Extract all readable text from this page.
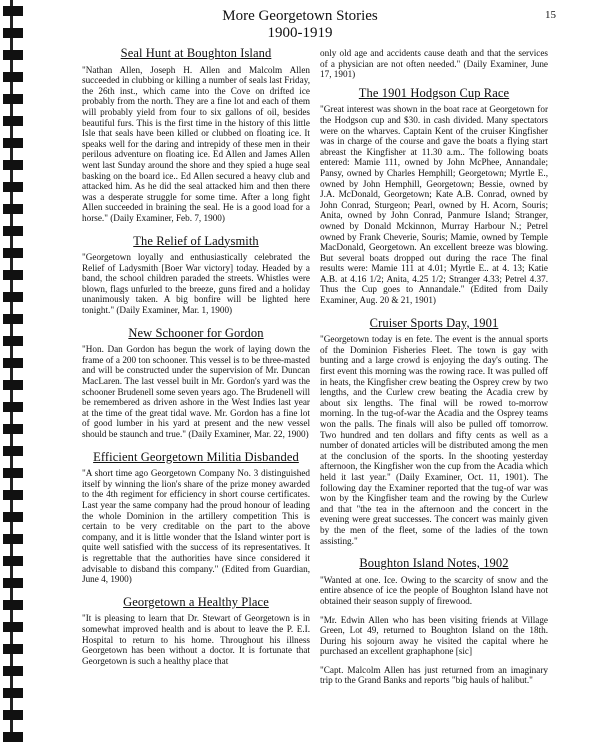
More Georgetown Stories
1900-1919
15
Seal Hunt at Boughton Island

"Nathan Allen, Joseph H. Allen and Malcolm Allen succeeded in clubbing or killing a number of seals last Friday, the 26th inst., which came into the Cove on drifted ice probably from the north. They are a fine lot and each of them will probably yield from four to six gallons of oil, besides beautiful furs. This is the first time in the history of this little Isle that seals have been killed or clubbed on floating ice. It speaks well for the daring and intrepidy of these men in their perilous adventure on floating ice. Ed Allen and James Allen went last Sunday around the shore and they spied a huge seal basking on the board ice.. Ed Allen secured a heavy club and attacked him. As he did the seal attacked him and then there was a desperate struggle for some time. After a long fight Allen succeeded in braining the seal. He is a good load for a horse." (Daily Examiner, Feb. 7, 1900)

The Relief of Ladysmith

"Georgetown loyally and enthusiastically celebrated the Relief of Ladysmith [Boer War victory] today. Headed by a band, the school children paraded the streets. Whistles were blown, flags unfurled to the breeze, guns fired and a holiday unanimously taken. A big bonfire will be lighted here tonight." (Daily Examiner, Mar. 1, 1900)

New Schooner for Gordon

"Hon. Dan Gordon has begun the work of laying down the frame of a 200 ton schooner. This vessel is to be three-masted and will be constructed under the supervision of Mr. Duncan MacLaren. The last vessel built in Mr. Gordon's yard was the schooner Brudenell some seven years ago. The Brudenell will be remembered as driven ashore in the West Indies last year at the time of the great tidal wave. Mr. Gordon has a fine lot of good lumber in his yard at present and the new vessel should be staunch and true." (Daily Examiner, Mar. 22, 1900)

Efficient Georgetown Militia Disbanded

"A short time ago Georgetown Company No. 3 distinguished itself by winning the lion's share of the prize money awarded to the 4th regiment for efficiency in short course certificates. Last year the same company had the proud honour of leading the whole Dominion in the artillery competition This is certain to be very creditable on the part to the above company, and it is little wonder that the Island winter port is quite well satisfied with the success of its representatives. It is regrettable that the authorities have since considered it advisable to disband this company." (Edited from Guardian, June 4, 1900)

Georgetown a Healthy Place

"It is pleasing to learn that Dr. Stewart of Georgetown is in somewhat improved health and is about to leave the P. E.I. Hospital to return to his home. Throughout his illness Georgetown has been without a doctor. It is fortunate that Georgetown is such a healthy place that

only old age and accidents cause death and that the services of a physician are not often needed." (Daily Examiner, June 17, 1901)

The 1901 Hodgson Cup Race

"Great interest was shown in the boat race at Georgetown for the Hodgson cup and $30. in cash divided. Many spectators were on the wharves. Captain Kent of the cruiser Kingfisher was in charge of the course and gave the boats a flying start abreast the Kingfisher at 11.30 a.m.. The following boats entered: Mamie 111, owned by John McPhee, Annandale; Pansy, owned by Charles Hemphill; Georgetown; Myrtle E., owned by John Hemphill, Georgetown; Bessie, owned by J.A. McDonald, Georgetown; Kate A.B. Conrad, owned by John Conrad, Sturgeon; Pearl, owned by H. Acorn, Souris; Anita, owned by John Conrad, Panmure Island; Stranger, owned by Donald Mckinnon, Murray Harbour N.; Petrel owned by Frank Cheverie, Souris; Mamie, owned by Temple MacDonald, Georgetown. An excellent breeze was blowing. But several boats dropped out during the race The final results were: Mamie 111 at 4.01; Myrtle E.. at 4. 13; Katie A.B. at 4.16 1/2; Anita, 4.25 1/2; Stranger 4.33; Petrel 4.37. Thus the Cup goes to Annandale." (Edited from Daily Examiner, Aug. 20 & 21, 1901)

Cruiser Sports Day, 1901

"Georgetown today is en fete. The event is the annual sports of the Dominion Fisheries Fleet. The town is gay with bunting and a large crowd is enjoying the day's outing. The first event this morning was the rowing race. It was pulled off in heats, the Kingfisher crew beating the Osprey crew by two lengths, and the Curlew crew beating the Acadia crew by about six lengths. The final will be rowed to-morrow morning. In the tug-of-war the Acadia and the Osprey teams won the palls. The finals will also be pulled off tomorrow. Two hundred and ten dollars and fifty cents as well as a number of donated articles will be distributed among the men at the conclusion of the sports. In the shooting yesterday afternoon, the Kingfisher won the cup from the Acadia which held it last year." (Daily Examiner, Oct. 11, 1901). The following day the Examiner reported that the tug-of war was won by the Kingfisher team and the rowing by the Curlew and that "the tea in the afternoon and the concert in the evening were great successes. The concert was mainly given by the men of the fleet, some of the ladies of the town assisting."

Boughton Island Notes, 1902

"Wanted at one. Ice. Owing to the scarcity of snow and the entire absence of ice the people of Boughton Island have not obtained their season supply of firewood.

"Mr. Edwin Allen who has been visiting friends at Village Green, Lot 49, returned to Boughton Island on the 18th. During his sojourn away he visited the capital where he purchased an excellent graphaphone [sic]

"Capt. Malcolm Allen has just returned from an imaginary trip to the Grand Banks and reports "big hauls of halibut."
